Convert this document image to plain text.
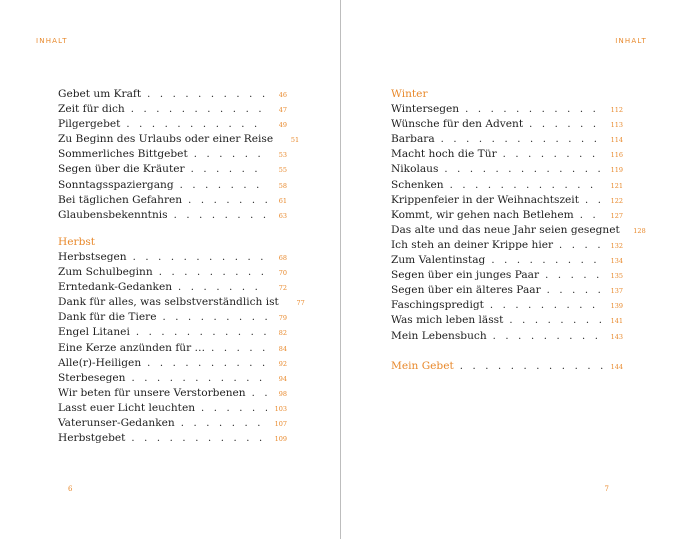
INHALT
Gebet um Kraft . . .	46
Zeit für dich . . .	47
Pilgergebet . . .	49
Zu Beginn des Urlaubs oder einer Reise	51
Sommerliches Bittgebet . . .	53
Segen über die Kräuter . . .	55
Sonntagsspaziergang . . .	58
Bei täglichen Gefahren . . .	61
Glaubensbekenntnis . . .	63
Herbst
Herbstsegen . . .	68
Zum Schulbeginn . . .	70
Erntedank-Gedanken . . .	72
Dank für alles, was selbstverständlich ist	77
Dank für die Tiere . . .	79
Engel Litanei . . .	82
Eine Kerze anzünden für … . . .	84
Alle(r)-Heiligen . . .	92
Sterbesegen . . .	94
Wir beten für unsere Verstorbenen . . .	98
Lasst euer Licht leuchten . . .	103
Vaterunser-Gedanken . . .	107
Herbstgebet . . .	109
6
INHALT
Winter
Wintersegen . . .	112
Wünsche für den Advent . . .	113
Barbara . . .	114
Macht hoch die Tür . . .	116
Nikolaus . . .	119
Schenken . . .	121
Krippenfeier in der Weihnachtszeit . . .	122
Kommt, wir gehen nach Betlehem . . .	127
Das alte und das neue Jahr seien gesegnet	128
Ich steh an deiner Krippe hier . . .	132
Zum Valentinstag . . .	134
Segen über ein junges Paar . . .	135
Segen über ein älteres Paar . . .	137
Faschingspredigt . . .	139
Was mich leben lässt . . .	141
Mein Lebensbuch . . .	143
Mein Gebet . . .	144
7
